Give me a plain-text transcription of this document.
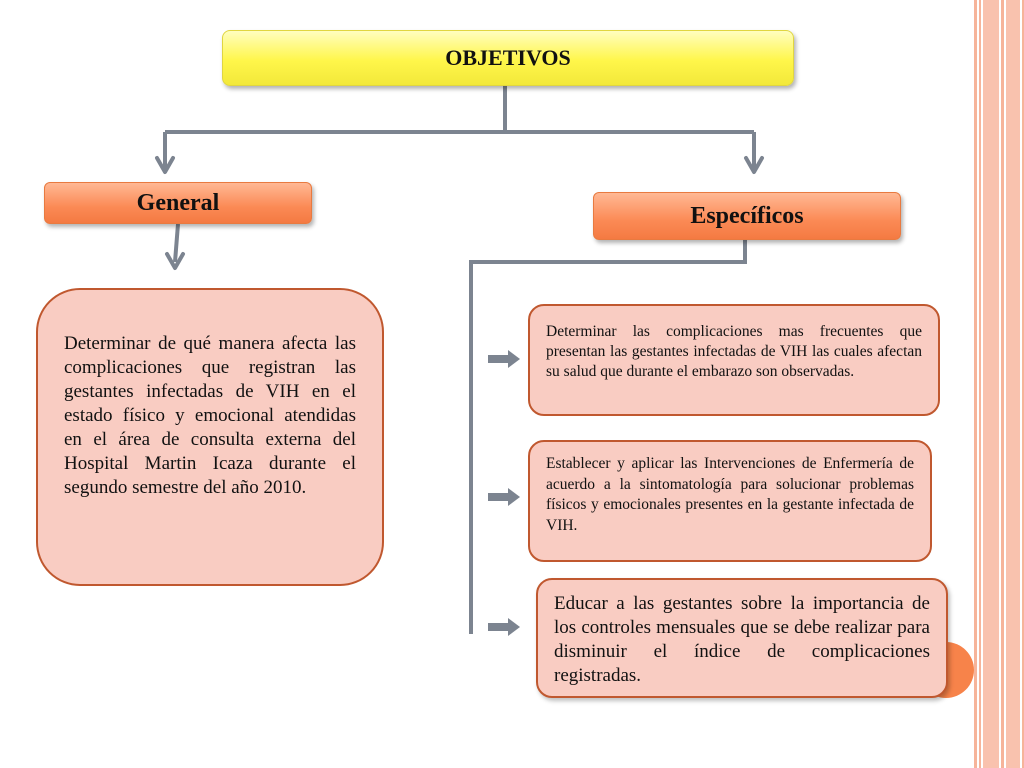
OBJETIVOS
General	Específicos
Determinar de qué manera afecta las complicaciones que registran las gestantes infectadas de VIH en el estado físico y emocional atendidas en el área de consulta externa del Hospital Martin Icaza durante el segundo semestre del año 2010.
Determinar las complicaciones mas frecuentes que presentan las gestantes infectadas de VIH las cuales afectan su salud que durante el embarazo son observadas.
Establecer y aplicar las Intervenciones de Enfermería de acuerdo a la sintomatología para solucionar problemas físicos y emocionales presentes en la gestante infectada de VIH.
Educar a las gestantes sobre la importancia de los controles mensuales que se debe realizar para disminuir el índice de complicaciones registradas.
